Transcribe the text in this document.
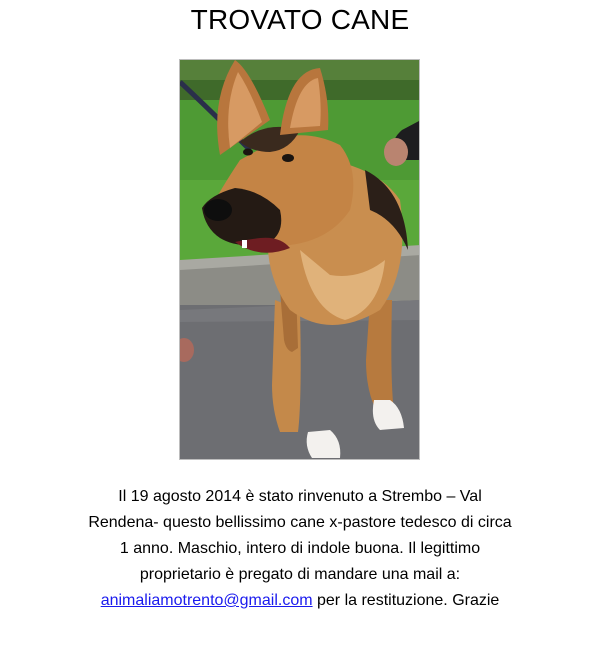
TROVATO CANE
Il 19 agosto 2014 è stato rinvenuto a Strembo – Val
Rendena- questo bellissimo cane x-pastore tedesco di circa
1 anno. Maschio, intero di indole buona. Il legittimo
proprietario è pregato di mandare una mail a:
animaliamotrento@gmail.com per la restituzione. Grazie
